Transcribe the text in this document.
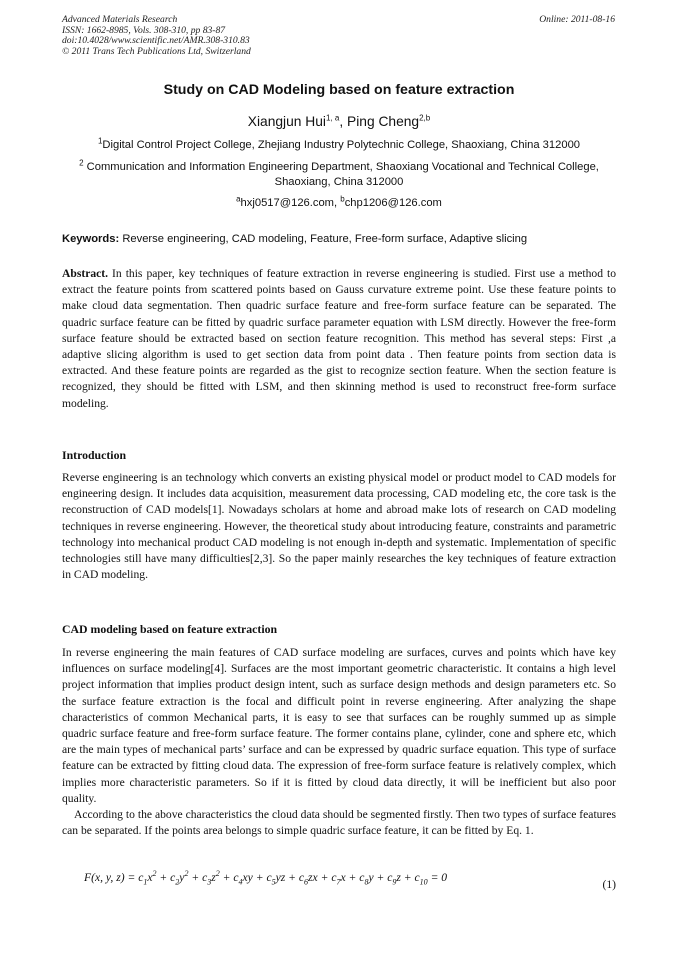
Advanced Materials Research
ISSN: 1662-8985, Vols. 308-310, pp 83-87
doi:10.4028/www.scientific.net/AMR.308-310.83
© 2011 Trans Tech Publications Ltd, Switzerland
Online: 2011-08-16
Study on CAD Modeling based on feature extraction
Xiangjun Hui$^{1, a}$, Ping Cheng$^{2,b}$
$^1$Digital Control Project College, Zhejiang Industry Polytechnic College, Shaoxiang, China 312000
$^2$ Communication and Information Engineering Department, Shaoxiang Vocational and Technical College, Shaoxiang, China 312000
$^a$hxj0517@126.com, $^b$chp1206@126.com
Keywords: Reverse engineering, CAD modeling, Feature, Free-form surface, Adaptive slicing
Abstract. In this paper, key techniques of feature extraction in reverse engineering is studied. First use a method to extract the feature points from scattered points based on Gauss curvature extreme point. Use these feature points to make cloud data segmentation. Then quadric surface feature and free-form surface feature can be separated. The quadric surface feature can be fitted by quadric surface parameter equation with LSM directly. However the free-form surface feature should be extracted based on section feature recognition. This method has several steps: First ,a adaptive slicing algorithm is used to get section data from point data . Then feature points from section data is extracted. And these feature points are regarded as the gist to recognize section feature. When the section feature is recognized, they should be fitted with LSM, and then skinning method is used to reconstruct free-form surface modeling.
Introduction
Reverse engineering is an technology which converts an existing physical model or product model to CAD models for engineering design. It includes data acquisition, measurement data processing, CAD modeling etc, the core task is the reconstruction of CAD models[1]. Nowadays scholars at home and abroad make lots of research on CAD modeling techniques in reverse engineering. However, the theoretical study about introducing feature, constraints and parametric technology into mechanical product CAD modeling is not enough in-depth and systematic. Implementation of specific technologies still have many difficulties[2,3]. So the paper mainly researches the key techniques of feature extraction in CAD modeling.
CAD modeling based on feature extraction

In reverse engineering the main features of CAD surface modeling are surfaces, curves and points which have key influences on surface modeling[4]. Surfaces are the most important geometric characteristic. It contains a high level project information that implies product design intent, such as surface design methods and design parameters etc. So the surface feature extraction is the focal and difficult point in reverse engineering. After analyzing the shape characteristics of common Mechanical parts, it is easy to see that surfaces can be roughly summed up as simple quadric surface feature and free-form surface feature. The former contains plane, cylinder, cone and sphere etc, which are the main types of mechanical parts’ surface and can be expressed by quadric surface equation. This type of surface feature can be extracted by fitting cloud data. The expression of free-form surface feature is relatively complex, which implies more characteristic parameters. So if it is fitted by cloud data directly, it will be inefficient but also poor quality.

According to the above characteristics the cloud data should be segmented firstly. Then two types of surface features can be separated. If the points area belongs to simple quadric surface feature, it can be fitted by Eq. 1.

F(x, y, $z) = c_1x^2 + c_2y^2 + c_3z^2 + c_4xy + c_5yz + c_6zx + c_7x + c_8y + c_9z + c_{10} = 0$
(1)
